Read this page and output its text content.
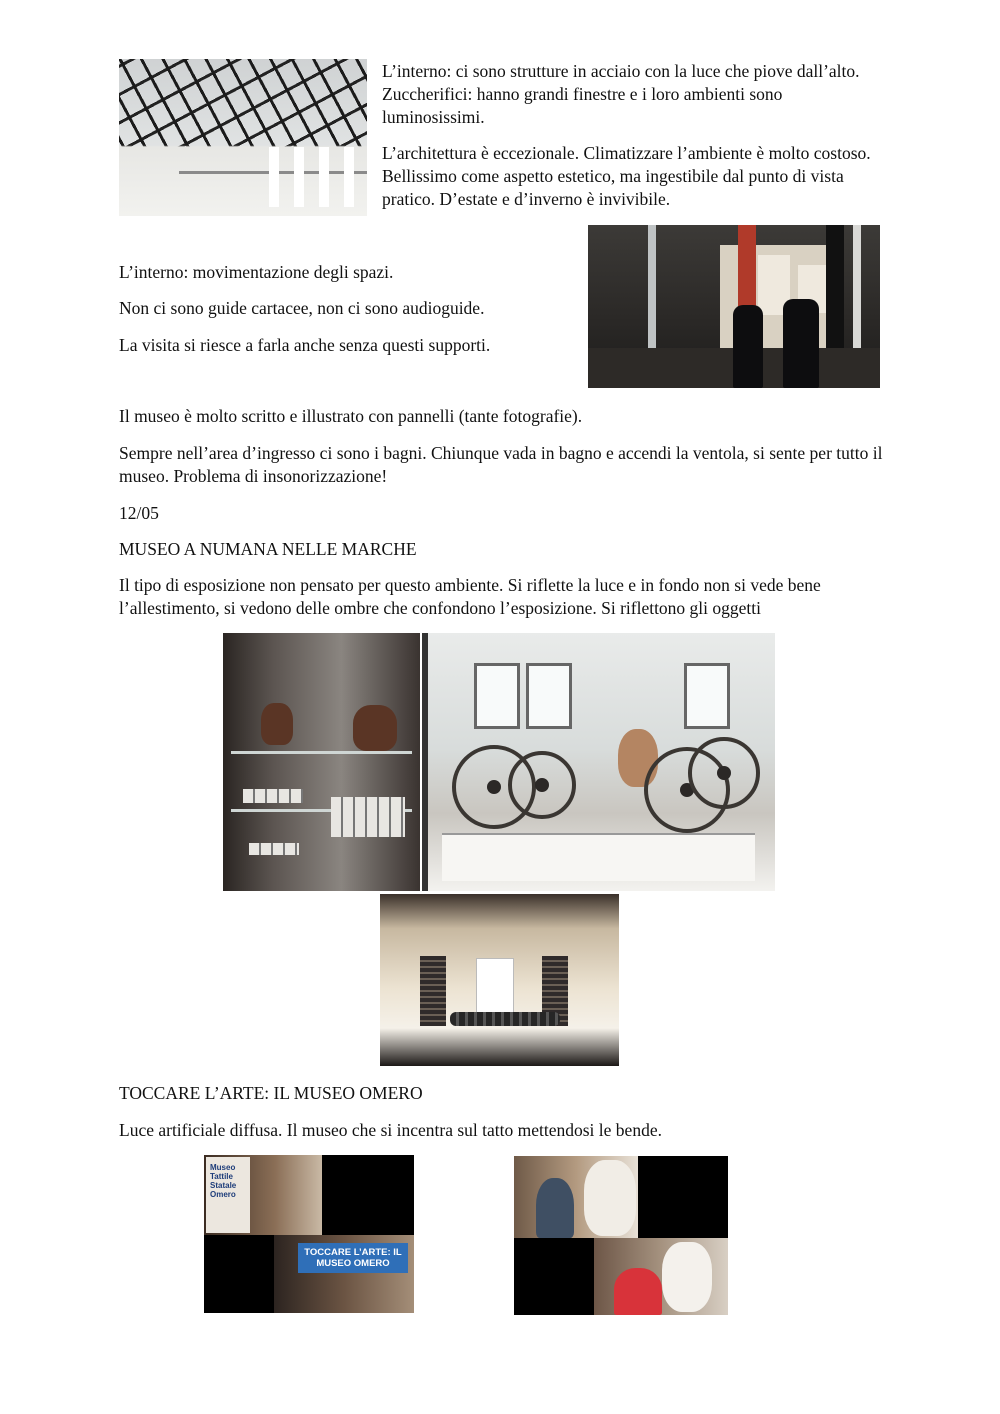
L’interno: ci sono strutture in acciaio con la luce che piove dall’alto. Zuccherifici: hanno grandi finestre e i loro ambienti sono luminosissimi.

L’architettura è eccezionale. Climatizzare l’ambiente è molto costoso. Bellissimo come aspetto estetico, ma ingestibile dal punto di vista pratico. D’estate e d’inverno è invivibile.

L’interno: movimentazione degli spazi.

Non ci sono guide cartacee, non ci sono audioguide.

La visita si riesce a farla anche senza questi supporti.

Il museo è molto scritto e illustrato con pannelli (tante fotografie).

Sempre nell’area d’ingresso ci sono i bagni. Chiunque vada in bagno e accendi la ventola, si sente per tutto il museo. Problema di insonorizzazione!

12/05

MUSEO A NUMANA NELLE MARCHE

Il tipo di esposizione non pensato per questo ambiente. Si riflette la luce e in fondo non si vede bene l’allestimento, si vedono delle ombre che confondono l’esposizione. Si riflettono gli oggetti

TOCCARE L’ARTE: IL MUSEO OMERO

Luce artificiale diffusa. Il museo che si incentra sul tatto mettendosi le bende.

Museo Tattile Statale Omero
TOCCARE L’ARTE: IL MUSEO OMERO
